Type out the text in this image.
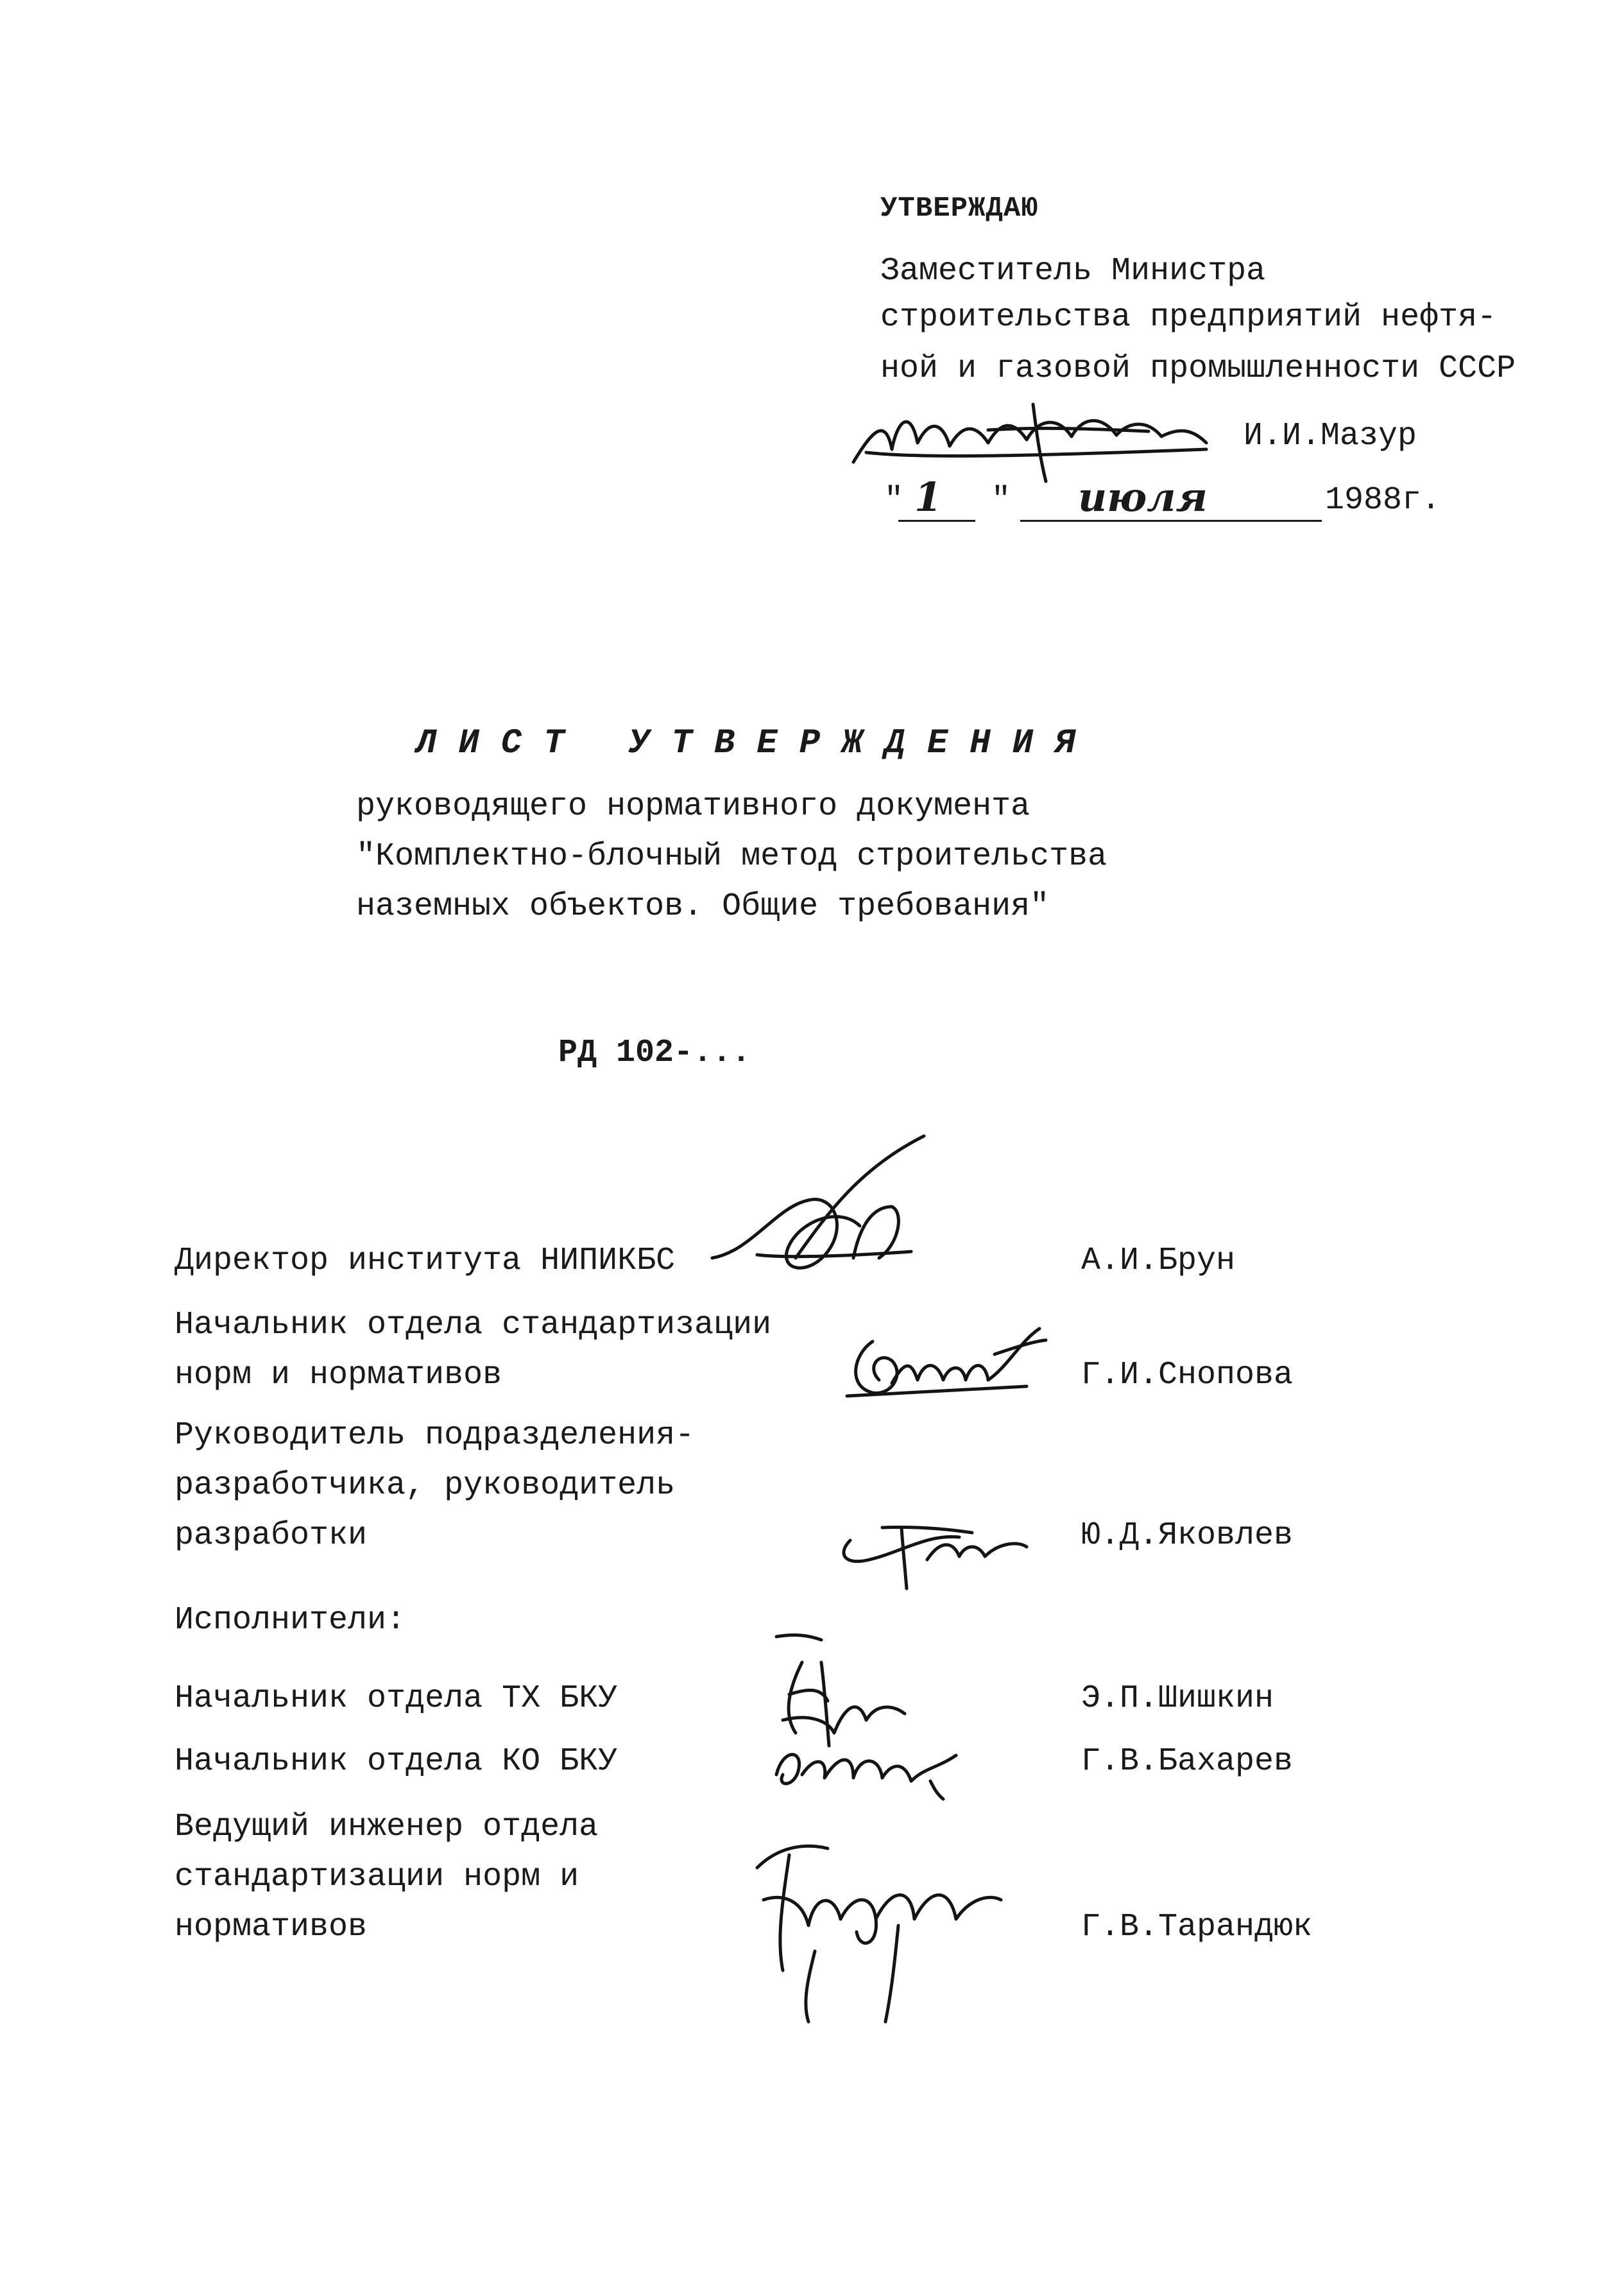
УТВЕРЖДАЮ
Заместитель Министра
строительства предприятий нефтя-
ной и газовой промышленности СССР
И.И.Мазур
" 1 " июля	1988г.
ЛИСТ УТВЕРЖДЕНИЯ
руководящего нормативного документа
"Комплектно-блочный метод строительства
наземных объектов. Общие требования"
РД 102-...
Директор института НИПИКБС	А.И.Брун
Начальник отдела стандартизации
норм и нормативов	Г.И.Снопова
Руководитель подразделения-
разработчика, руководитель
разработки	Ю.Д.Яковлев
Исполнители:
Начальник отдела ТХ БКУ	Э.П.Шишкин
Начальник отдела КО БКУ	Г.В.Бахарев
Ведущий инженер отдела
стандартизации норм и
нормативов	Г.В.Тарандюк
